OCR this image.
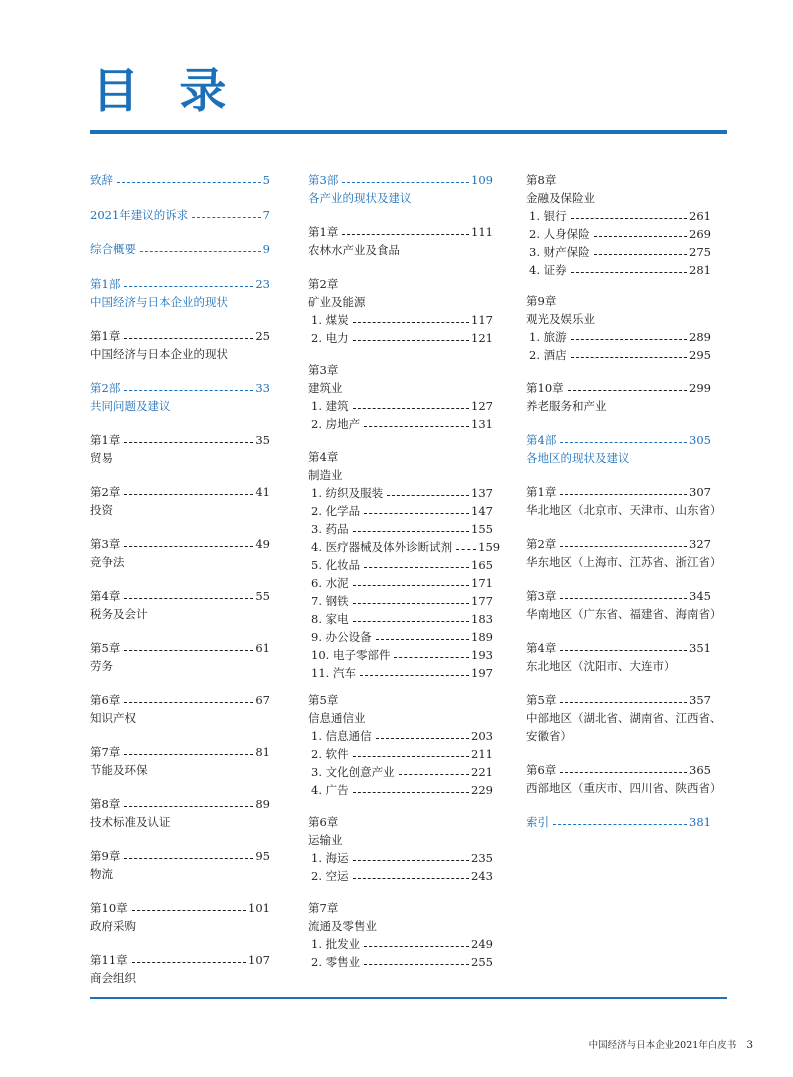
目 录
致辞	5
2021年建议的诉求	7
综合概要	9
第1部	23
中国经济与日本企业的现状
第1章	25
中国经济与日本企业的现状
第2部	33
共同问题及建议
第1章	35
贸易
第2章	41
投资
第3章	49
竞争法
第4章	55
税务及会计
第5章	61
劳务
第6章	67
知识产权
第7章	81
节能及环保
第8章	89
技术标准及认证
第9章	95
物流
第10章	101
政府采购
第11章	107
商会组织
第3部	109
各产业的现状及建议
第1章	111
农林水产业及食品
第2章
矿业及能源
1. 煤炭	117
2. 电力	121
第3章
建筑业
1. 建筑	127
2. 房地产	131
第4章
制造业
1. 纺织及服装	137
2. 化学品	147
3. 药品	155
4. 医疗器械及体外诊断试剂 159
5. 化妆品	165
6. 水泥	171
7. 钢铁	177
8. 家电	183
9. 办公设备	189
10. 电子零部件	193
11. 汽车	197
第5章
信息通信业
1. 信息通信	203
2. 软件	211
3. 文化创意产业	221
4. 广告	229
第6章
运输业
1. 海运	235
2. 空运	243
第7章
流通及零售业
1. 批发业	249
2. 零售业	255
第8章
金融及保险业
1. 银行	261
2. 人身保险	269
3. 财产保险	275
4. 证券	281
第9章
观光及娱乐业
1. 旅游	289
2. 酒店	295
第10章	299
养老服务和产业
第4部	305
各地区的现状及建议
第1章	307
华北地区（北京市、天津市、山东省）
第2章	327
华东地区（上海市、江苏省、浙江省）
第3章	345
华南地区（广东省、福建省、海南省）
第4章	351
东北地区（沈阳市、大连市）
第5章	357
中部地区（湖北省、湖南省、江西省、
安徽省）
第6章	365
西部地区（重庆市、四川省、陕西省）
索引	381
中国经济与日本企业2021年白皮书 3
